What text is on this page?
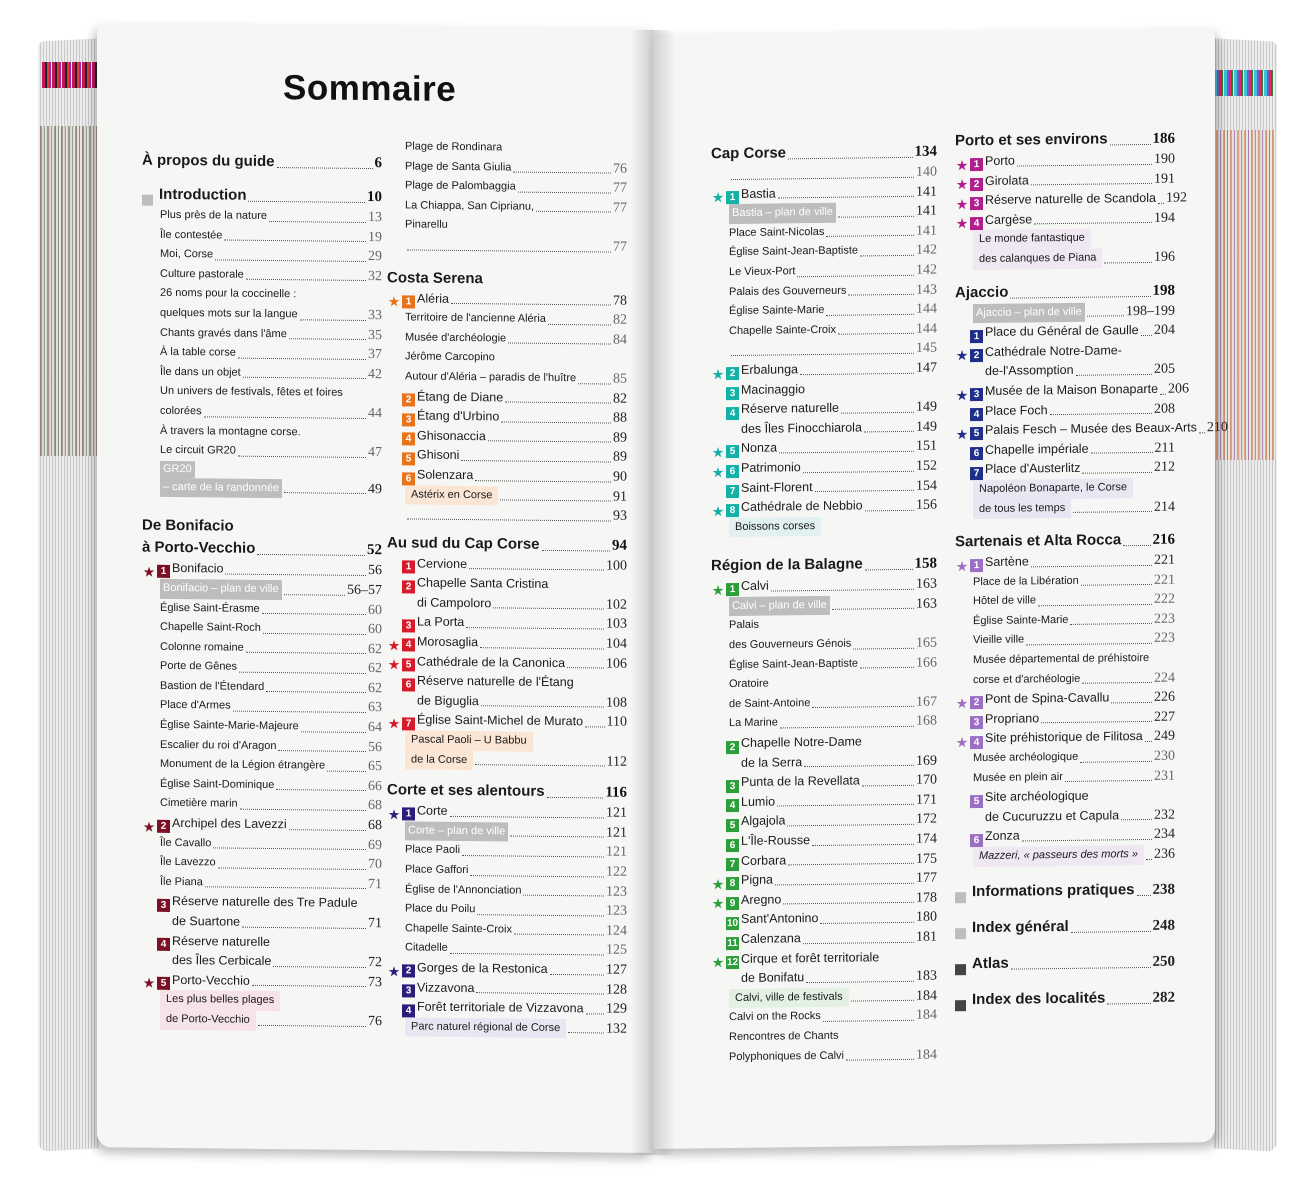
Sommaire
À propos du guide	6
Introduction	10
Plus près de la nature	13
Île contestée	19
Moi, Corse	29
Culture pastorale	32
26 noms pour la coccinelle :
quelques mots sur la langue	33
Chants gravés dans l'âme	35
À la table corse	37
Île dans un objet	42
Un univers de festivals, fêtes et foires
colorées	44
À travers la montagne corse.
Le circuit GR20	47
GR20
– carte de la randonnée	49
De Bonifacio
à Porto-Vecchio	52
★ 1 Bonifacio	56
Bonifacio – plan de ville	56–57
Église Saint-Érasme	60
Chapelle Saint-Roch	60
Colonne romaine	62
Porte de Gênes	62
Bastion de l'Étendard	62
Place d'Armes	63
Église Sainte-Marie-Majeure	64
Escalier du roi d'Aragon	56
Monument de la Légion étrangère	65
Église Saint-Dominique	66
Cimetière marin	68
★ 2 Archipel des Lavezzi	68
Île Cavallo	69
Île Lavezzo	70
Île Piana	71
3 Réserve naturelle des Tre Padule
de Suartone	71
4 Réserve naturelle
des Îles Cerbicale	72
★ 5 Porto-Vecchio	73
Les plus belles plages
de Porto-Vecchio	76
Plage de Rondinara
Plage de Santa Giulia	76
Plage de Palombaggia	77
La Chiappa, San Ciprianu,	77
Pinarellu
77
Costa Serena
★ 1 Aléria	78
Territoire de l'ancienne Aléria	82
Musée d'archéologie	84
Jérôme Carcopino
Autour d'Aléria – paradis de l'huître	85
2 Étang de Diane	82
3 Étang d'Urbino	88
4 Ghisonaccia	89
5 Ghisoni	89
6 Solenzara	90
Astérix en Corse	91
93
Au sud du Cap Corse	94
1 Cervione	100
2 Chapelle Santa Cristina
di Campoloro	102
3 La Porta	103
★ 4 Morosaglia	104
★ 5 Cathédrale de la Canonica	106
6 Réserve naturelle de l'Étang
de Biguglia	108
★ 7 Église Saint-Michel de Murato 110
Pascal Paoli – U Babbu
de la Corse	112
Corte et ses alentours	116
★ 1 Corte	121
Corte – plan de ville	121
Place Paoli	121
Place Gaffori	122
Église de l'Annonciation	123
Place du Poilu	123
Chapelle Sainte-Croix	124
Citadelle	125
★ 2 Gorges de la Restonica	127
3 Vizzavona	128
4 Forêt territoriale de Vizzavona 129
Parc naturel régional de Corse	132
Cap Corse	134
140
★ 1 Bastia	141
Bastia – plan de ville	141
Place Saint-Nicolas	141
Église Saint-Jean-Baptiste	142
Le Vieux-Port	142
Palais des Gouverneurs	143
Église Sainte-Marie	144
Chapelle Sainte-Croix	144
145
★ 2 Erbalunga	147
3 Macinaggio
4 Réserve naturelle	149
des Îles Finocchiarola	149
★ 5 Nonza	151
★ 6 Patrimonio	152
7 Saint-Florent	154
★ 8 Cathédrale de Nebbio	156
Boissons corses
Région de la Balagne	158
★ 1 Calvi	163
Calvi – plan de ville	163
Palais
des Gouverneurs Génois	165
Église Saint-Jean-Baptiste	166
Oratoire
de Saint-Antoine	167
La Marine	168
2 Chapelle Notre-Dame
de la Serra	169
3 Punta de la Revellata	170
4 Lumio	171
5 Algajola	172
6 L'Île-Rousse	174
7 Corbara	175
★ 8 Pigna	177
★ 9 Aregno	178
10 Sant'Antonino	180
11 Calenzana	181
★ 12 Cirque et forêt territoriale
de Bonifatu	183
Calvi, ville de festivals	184
Calvi on the Rocks	184
Rencontres de Chants
Polyphoniques de Calvi	184
Porto et ses environs	186
★ 1 Porto	190
★ 2 Girolata	191
★ 3 Réserve naturelle de Scandola 192
★ 4 Cargèse	194
Le monde fantastique
des calanques de Piana	196
Ajaccio	198
Ajaccio – plan de ville	198–199
1 Place du Général de Gaulle 204
★ 2 Cathédrale Notre-Dame-
de-l'Assomption	205
★ 3 Musée de la Maison Bonaparte 206
4 Place Foch	208
★ 5 Palais Fesch – Musée des Beaux-Arts 210
6 Chapelle impériale	211
7 Place d'Austerlitz	212
Napoléon Bonaparte, le Corse
de tous les temps	214
Sartenais et Alta Rocca 216
★ 1 Sartène	221
Place de la Libération	221
Hôtel de ville	222
Église Sainte-Marie	223
Vieille ville	223
Musée départemental de préhistoire
corse et d'archéologie	224
★ 2 Pont de Spina-Cavallu	226
3 Propriano	227
★ 4 Site préhistorique de Filitosa 249
Musée archéologique	230
Musée en plein air	231
5 Site archéologique
de Cucuruzzu et Capula 232
6 Zonza	234
Mazzeri, « passeurs des morts »	236
Informations pratiques 238
Index général	248
Atlas	250
Index des localités	282
